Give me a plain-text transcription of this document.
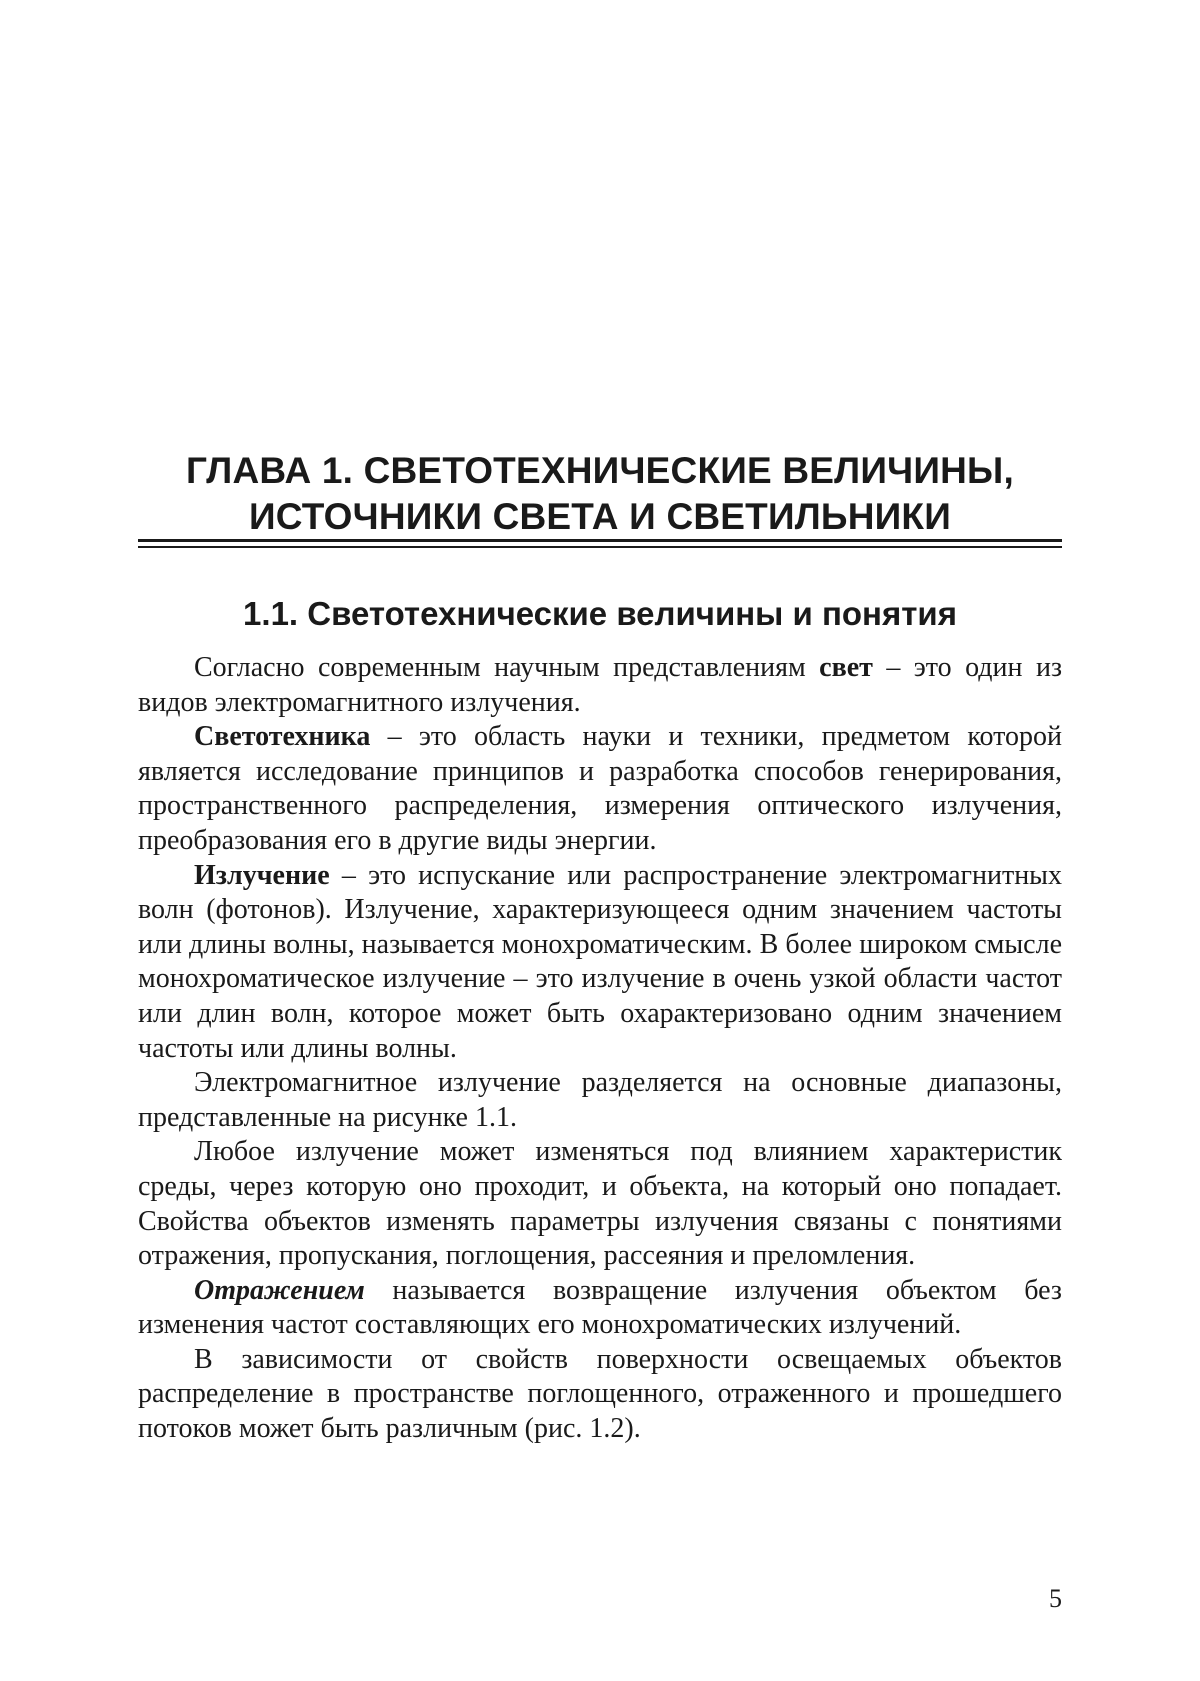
ГЛАВА 1. СВЕТОТЕХНИЧЕСКИЕ ВЕЛИЧИНЫ,
ИСТОЧНИКИ СВЕТА И СВЕТИЛЬНИКИ
1.1. Светотехнические величины и понятия

Согласно современным научным представлениям свет – это один из видов электромагнитного излучения.

Светотехника – это область науки и техники, предметом которой является исследование принципов и разработка способов генерирования, пространственного распределения, измерения оптического излучения, преобразования его в другие виды энергии.

Излучение – это испускание или распространение электромагнитных волн (фотонов). Излучение, характеризующееся одним значением частоты или длины волны, называется монохроматическим. В более широком смысле монохроматическое излучение – это излучение в очень узкой области частот или длин волн, которое может быть охарактеризовано одним значением частоты или длины волны.

Электромагнитное излучение разделяется на основные диапазоны, представленные на рисунке 1.1.

Любое излучение может изменяться под влиянием характеристик среды, через которую оно проходит, и объекта, на который оно попадает. Свойства объектов изменять параметры излучения связаны с понятиями отражения, пропускания, поглощения, рассеяния и преломления.

Отражением называется возвращение излучения объектом без изменения частот составляющих его монохроматических излучений.

В зависимости от свойств поверхности освещаемых объектов распределение в пространстве поглощенного, отраженного и прошедшего потоков может быть различным (рис. 1.2).

5
